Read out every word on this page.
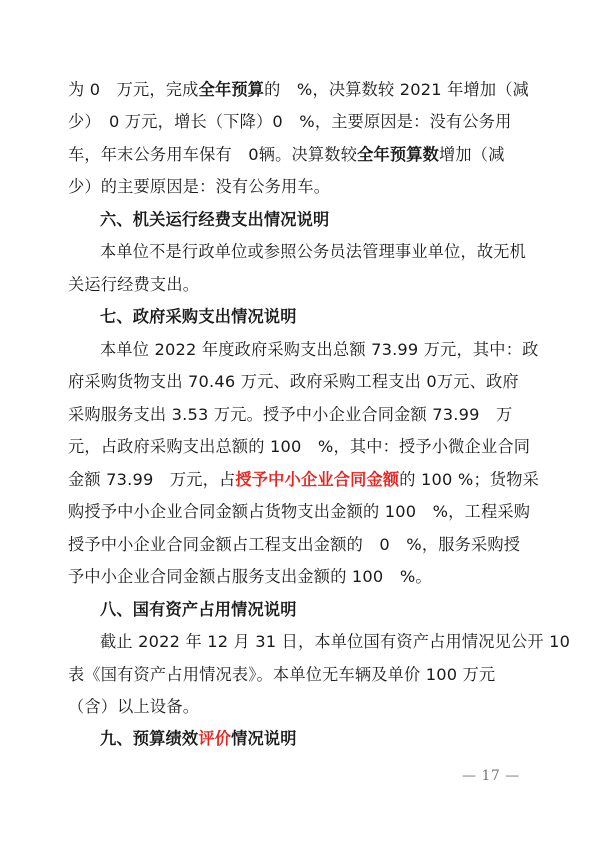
为 0　万元，完成全年预算的　%，决算数较 2021 年增加（减
少）　0 万元，增长（下降）0　%，主要原因是：没有公务用
车，年末公务用车保有　0辆。决算数较全年预算数增加（减
少）的主要原因是：没有公务用车。
六、机关运行经费支出情况说明
本单位不是行政单位或参照公务员法管理事业单位，故无机
关运行经费支出。
七、政府采购支出情况说明
本单位 2022 年度政府采购支出总额 73.99 万元，其中：政
府采购货物支出 70.46 万元、政府采购工程支出 0万元、政府
采购服务支出 3.53 万元。授予中小企业合同金额 73.99　万
元，占政府采购支出总额的 100　%，其中：授予小微企业合同
金额 73.99　万元，占授予中小企业合同金额的 100 %；货物采
购授予中小企业合同金额占货物支出金额的 100　%，工程采购
授予中小企业合同金额占工程支出金额的　0　%，服务采购授
予中小企业合同金额占服务支出金额的 100　%。
八、国有资产占用情况说明
截止 2022 年 12 月 31 日，本单位国有资产占用情况见公开 10
表《国有资产占用情况表》。本单位无车辆及单价 100 万元
（含）以上设备。
九、预算绩效评价情况说明
— 17 —
